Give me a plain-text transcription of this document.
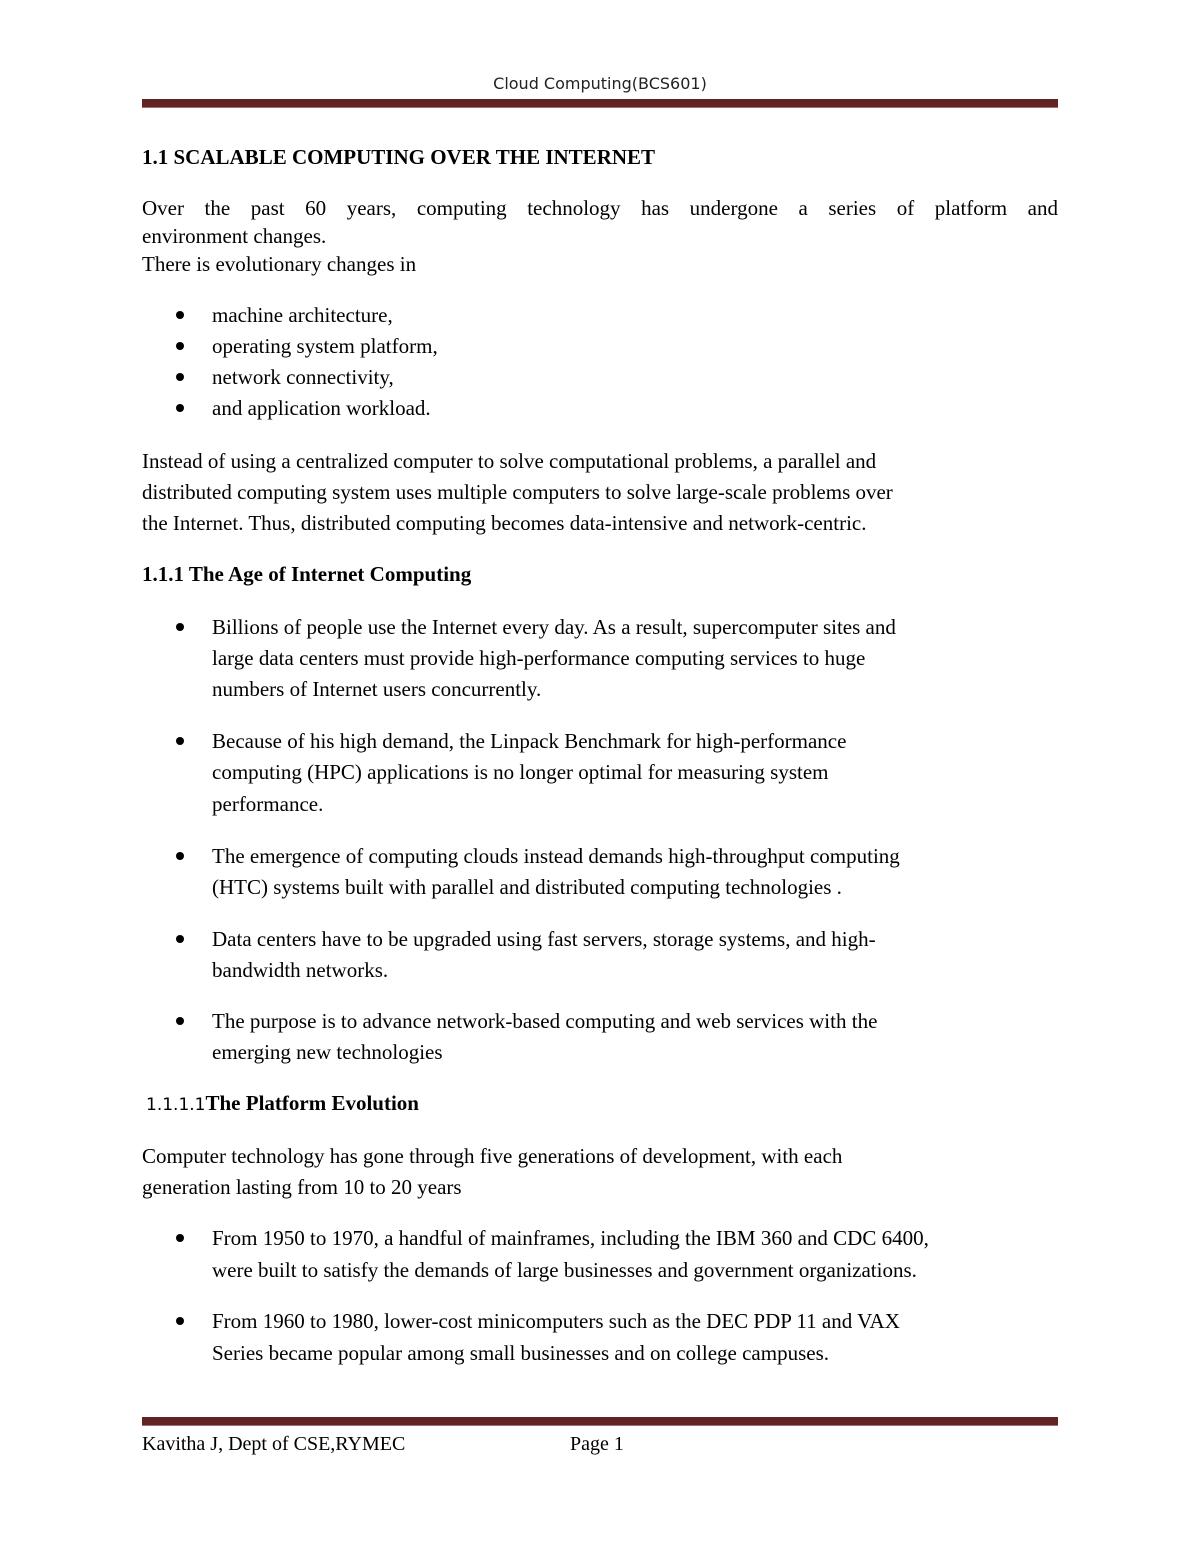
Cloud Computing(BCS601)
1.1 SCALABLE COMPUTING OVER THE INTERNET
Over the past 60 years, computing technology has undergone a series of platform and
environment changes.
There is evolutionary changes in
machine architecture,
operating system platform,
network connectivity,
and application workload.
Instead of using a centralized computer to solve computational problems, a parallel and
distributed computing system uses multiple computers to solve large-scale problems over
the Internet. Thus, distributed computing becomes data-intensive and network-centric.
1.1.1 The Age of Internet Computing
Billions of people use the Internet every day. As a result, supercomputer sites and
large data centers must provide high-performance computing services to huge
numbers of Internet users concurrently.
Because of his high demand, the Linpack Benchmark for high-performance
computing (HPC) applications is no longer optimal for measuring system
performance.
The emergence of computing clouds instead demands high-throughput computing
(HTC) systems built with parallel and distributed computing technologies .
Data centers have to be upgraded using fast servers, storage systems, and high-
bandwidth networks.
The purpose is to advance network-based computing and web services with the
emerging new technologies
1.1.1.1The Platform Evolution
Computer technology has gone through five generations of development, with each
generation lasting from 10 to 20 years
From 1950 to 1970, a handful of mainframes, including the IBM 360 and CDC 6400,
were built to satisfy the demands of large businesses and government organizations.
From 1960 to 1980, lower-cost minicomputers such as the DEC PDP 11 and VAX
Series became popular among small businesses and on college campuses.
Kavitha J, Dept of CSE,RYMEC	Page 1
